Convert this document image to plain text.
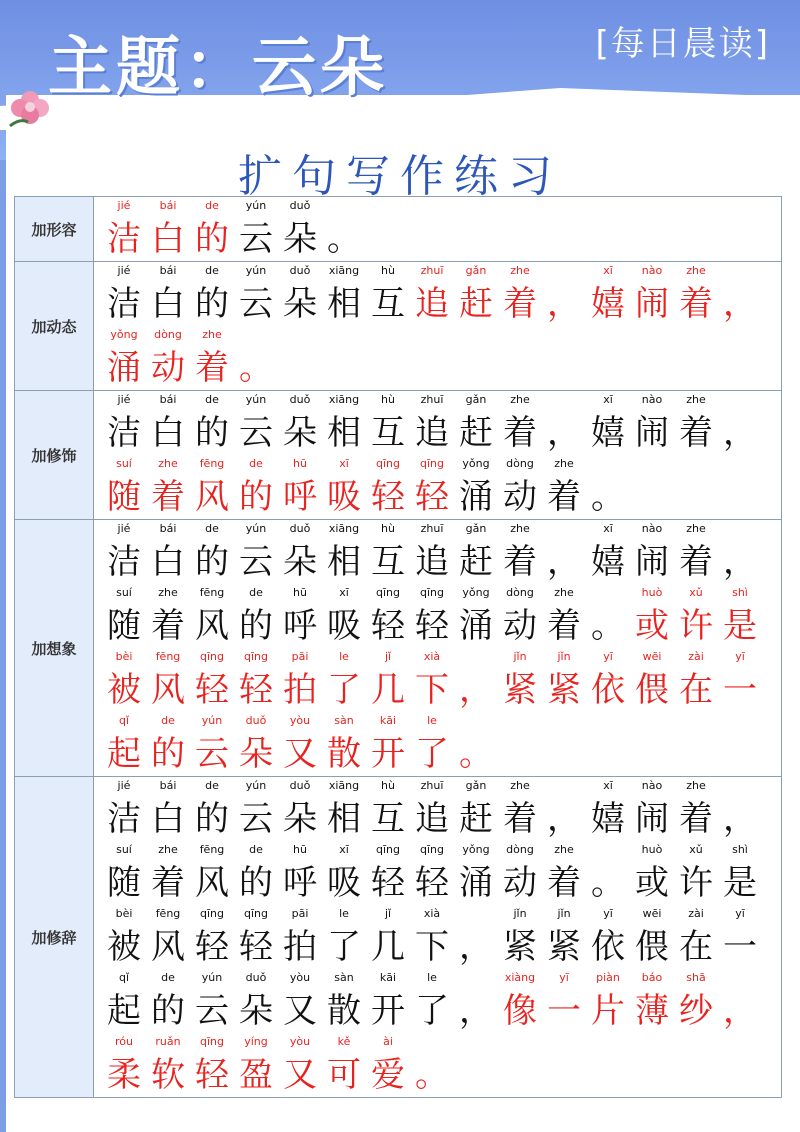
主题：云朵	[每日晨读]
扩句写作练习
加形容
jié
洁
bái
白
de
的
yún
云
duǒ
朵 。
加动态
jié
洁
bái
白
de
的
yún
云
duǒ
朵
xiāng
相
hù
互
zhuī
追
gǎn
赶
zhe
着 ，
xī
嬉
nào
闹
zhe
着 ，
yǒng
涌
dòng
动
zhe
着 。
加修饰
jié
洁
bái
白
de
的
yún
云
duǒ
朵
xiāng
相
hù
互
zhuī
追
gǎn
赶
zhe
着 ，
xī
嬉
nào
闹
zhe
着 ，
suí
随
zhe
着
fēng
风
de
的
hū
呼
xī
吸
qīng
轻
qīng
轻
yǒng
涌
dòng
动
zhe
着 。
加想象
jié
洁
bái
白
de
的
yún
云
duǒ
朵
xiāng
相
hù
互
zhuī
追
gǎn
赶
zhe
着 ，
xī
嬉
nào
闹
zhe
着 ，
suí
随
zhe
着
fēng
风
de
的
hū
呼
xī
吸
qīng
轻
qīng
轻
yǒng
涌
dòng
动
zhe
着 。
huò
或
xǔ
许
shì
是
bèi
被
fēng
风
qīng
轻
qīng
轻
pāi
拍
le
了
jǐ
几
xià
下 ，
jǐn
紧
jǐn
紧
yī
依
wēi
偎
zài
在
yī
一
qǐ
起
de
的
yún
云
duǒ
朵
yòu
又
sàn
散
kāi
开
le
了 。
加修辞
jié
洁
bái
白
de
的
yún
云
duǒ
朵
xiāng
相
hù
互
zhuī
追
gǎn
赶
zhe
着 ，
xī
嬉
nào
闹
zhe
着 ，
suí
随
zhe
着
fēng
风
de
的
hū
呼
xī
吸
qīng
轻
qīng
轻
yǒng
涌
dòng
动
zhe
着 。
huò
或
xǔ
许
shì
是
bèi
被
fēng
风
qīng
轻
qīng
轻
pāi
拍
le
了
jǐ
几
xià
下 ，
jǐn
紧
jǐn
紧
yī
依
wēi
偎
zài
在
yī
一
qǐ
起
de
的
yún
云
duǒ
朵
yòu
又
sàn
散
kāi
开
le
了 ，
xiàng
像
yī
一
piàn
片
báo
薄
shā
纱 ，
róu
柔
ruǎn
软
qīng
轻
yíng
盈
yòu
又
kě
可
ài
爱 。
